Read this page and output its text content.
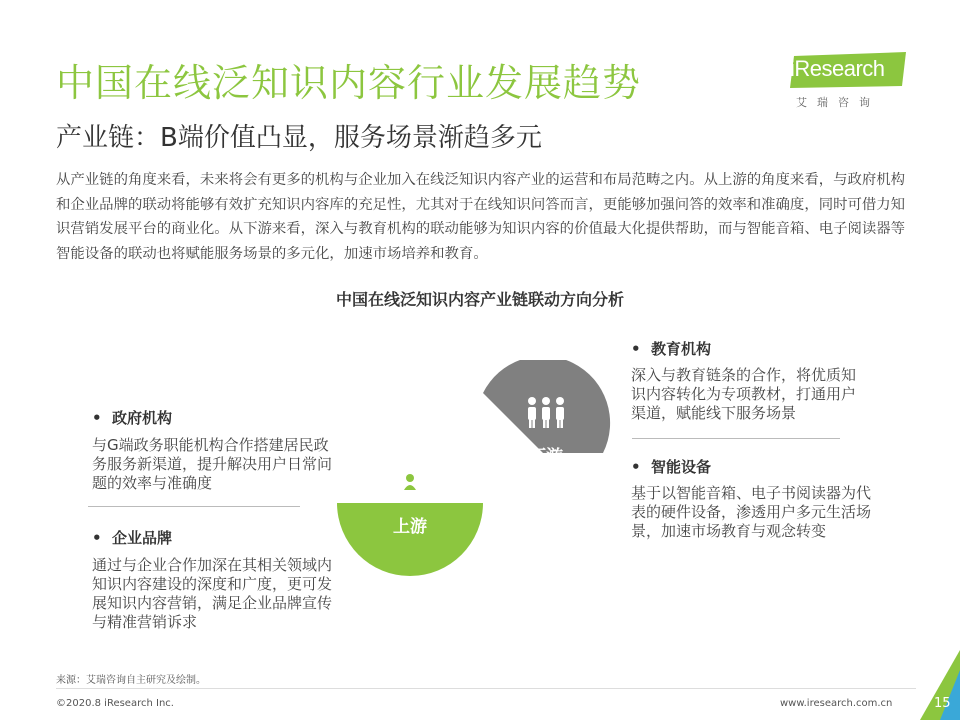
中国在线泛知识内容行业发展趋势
产业链：B端价值凸显，服务场景渐趋多元
iResearch
艾瑞咨询
从产业链的角度来看，未来将会有更多的机构与企业加入在线泛知识内容产业的运营和布局范畴之内。从上游的角度来看，与政府机构和企业品牌的联动将能够有效扩充知识内容库的充足性，尤其对于在线知识问答而言，更能够加强问答的效率和准确度，同时可借力知识营销发展平台的商业化。从下游来看，深入与教育机构的联动能够为知识内容的价值最大化提供帮助，而与智能音箱、电子阅读器等智能设备的联动也将赋能服务场景的多元化，加速市场培养和教育。
中国在线泛知识内容产业链联动方向分析
下游
上游
• 政府机构
与G端政务职能机构合作搭建居民政务服务新渠道，提升解决用户日常问题的效率与准确度
• 企业品牌
通过与企业合作加深在其相关领域内知识内容建设的深度和广度，更可发展知识内容营销，满足企业品牌宣传与精准营销诉求
• 教育机构
深入与教育链条的合作，将优质知识内容转化为专项教材，打通用户渠道，赋能线下服务场景
• 智能设备
基于以智能音箱、电子书阅读器为代表的硬件设备，渗透用户多元生活场景，加速市场教育与观念转变
来源：艾瑞咨询自主研究及绘制。
©2020.8 iResearch Inc.	www.iresearch.com.cn	15
